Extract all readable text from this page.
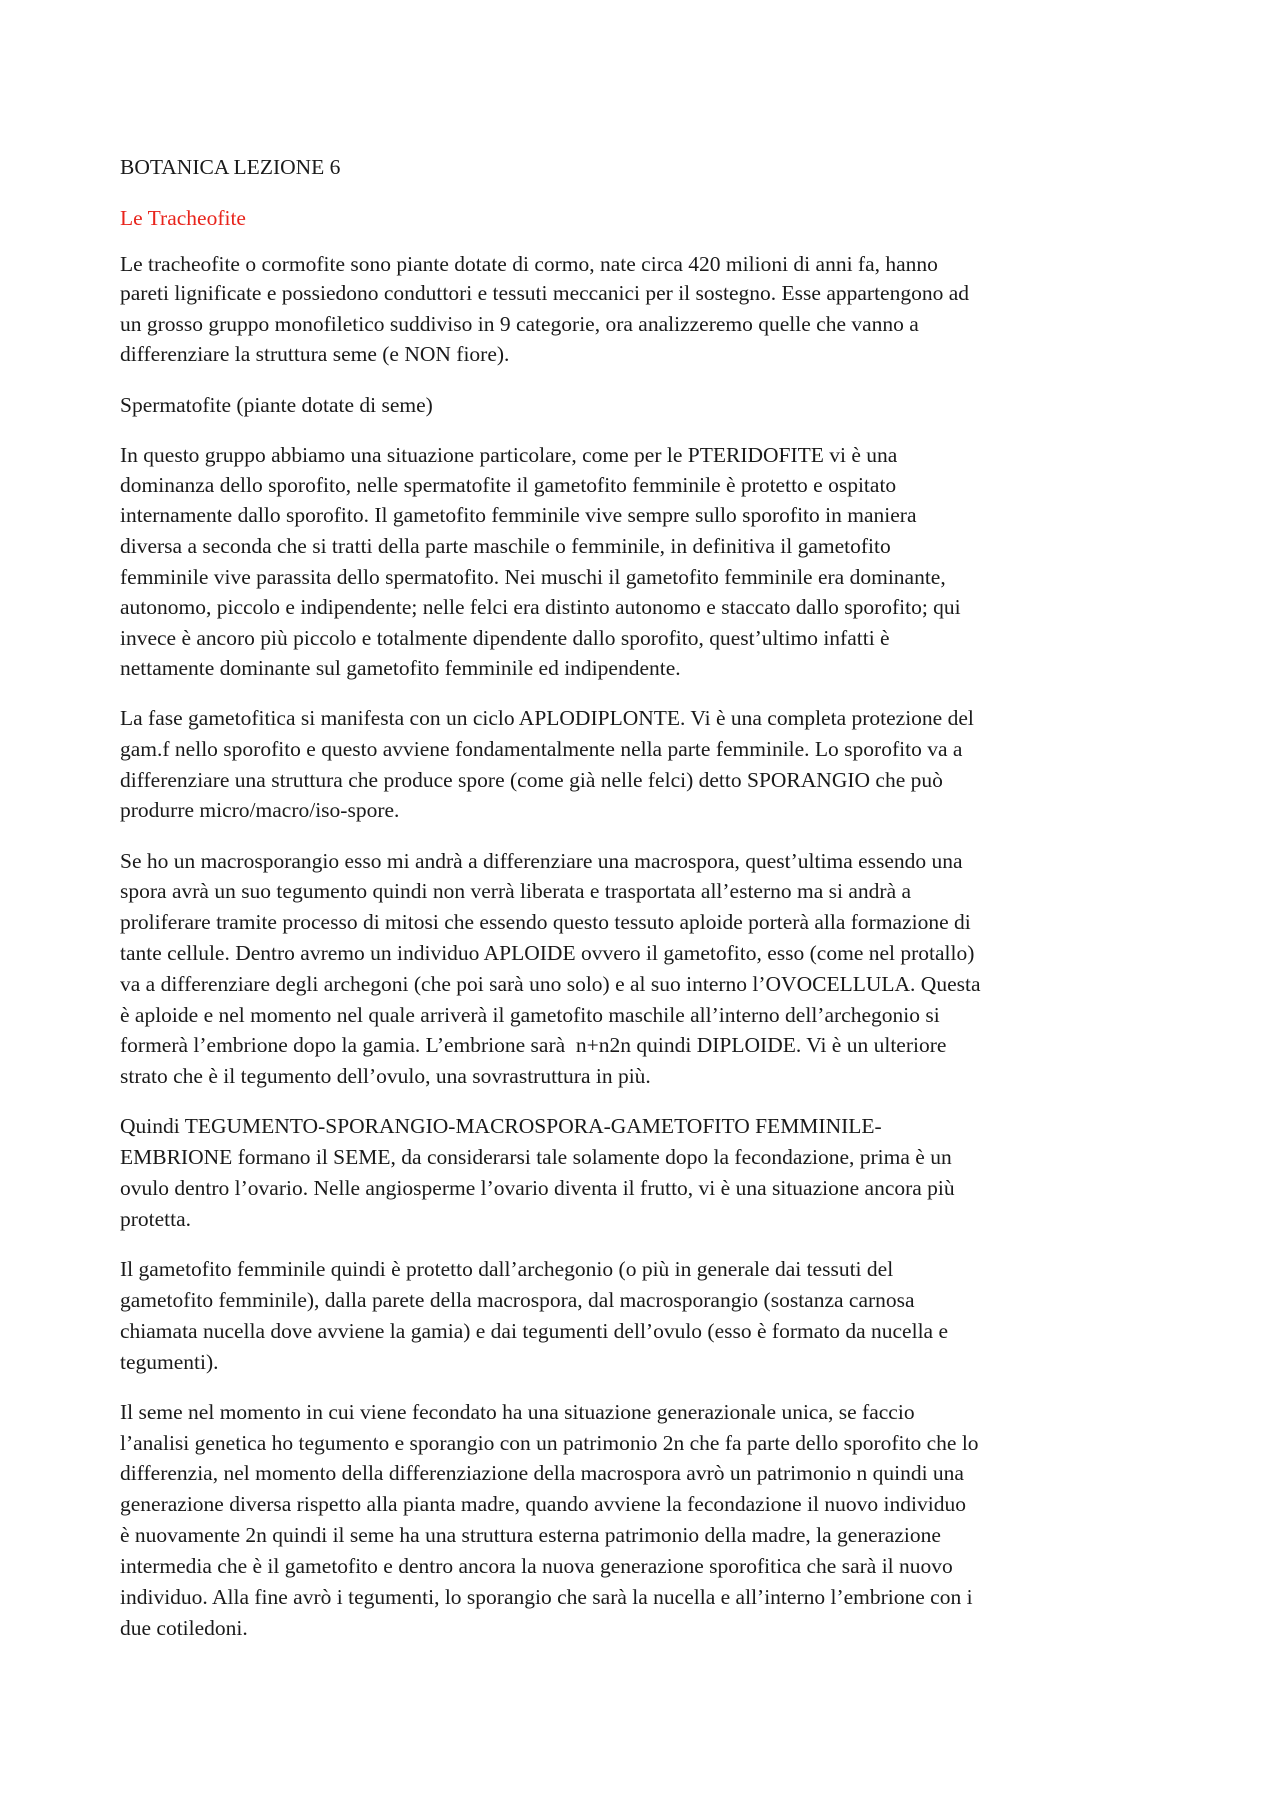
BOTANICA LEZIONE 6
Le Tracheofite
Le tracheofite o cormofite sono piante dotate di cormo, nate circa 420 milioni di anni fa, hanno
pareti lignificate e possiedono conduttori e tessuti meccanici per il sostegno. Esse appartengono ad
un grosso gruppo monofiletico suddiviso in 9 categorie, ora analizzeremo quelle che vanno a
differenziare la struttura seme (e NON fiore).
Spermatofite (piante dotate di seme)
In questo gruppo abbiamo una situazione particolare, come per le PTERIDOFITE vi è una
dominanza dello sporofito, nelle spermatofite il gametofito femminile è protetto e ospitato
internamente dallo sporofito. Il gametofito femminile vive sempre sullo sporofito in maniera
diversa a seconda che si tratti della parte maschile o femminile, in definitiva il gametofito
femminile vive parassita dello spermatofito. Nei muschi il gametofito femminile era dominante,
autonomo, piccolo e indipendente; nelle felci era distinto autonomo e staccato dallo sporofito; qui
invece è ancoro più piccolo e totalmente dipendente dallo sporofito, quest’ultimo infatti è
nettamente dominante sul gametofito femminile ed indipendente.
La fase gametofitica si manifesta con un ciclo APLODIPLONTE. Vi è una completa protezione del
gam.f nello sporofito e questo avviene fondamentalmente nella parte femminile. Lo sporofito va a
differenziare una struttura che produce spore (come già nelle felci) detto SPORANGIO che può
produrre micro/macro/iso-spore.
Se ho un macrosporangio esso mi andrà a differenziare una macrospora, quest’ultima essendo una
spora avrà un suo tegumento quindi non verrà liberata e trasportata all’esterno ma si andrà a
proliferare tramite processo di mitosi che essendo questo tessuto aploide porterà alla formazione di
tante cellule. Dentro avremo un individuo APLOIDE ovvero il gametofito, esso (come nel protallo)
va a differenziare degli archegoni (che poi sarà uno solo) e al suo interno l’OVOCELLULA. Questa
è aploide e nel momento nel quale arriverà il gametofito maschile all’interno dell’archegonio si
formerà l’embrione dopo la gamia. L’embrione sarà  n+n2n quindi DIPLOIDE. Vi è un ulteriore
strato che è il tegumento dell’ovulo, una sovrastruttura in più.
Quindi TEGUMENTO-SPORANGIO-MACROSPORA-GAMETOFITO FEMMINILE-
EMBRIONE formano il SEME, da considerarsi tale solamente dopo la fecondazione, prima è un
ovulo dentro l’ovario. Nelle angiosperme l’ovario diventa il frutto, vi è una situazione ancora più
protetta.
Il gametofito femminile quindi è protetto dall’archegonio (o più in generale dai tessuti del
gametofito femminile), dalla parete della macrospora, dal macrosporangio (sostanza carnosa
chiamata nucella dove avviene la gamia) e dai tegumenti dell’ovulo (esso è formato da nucella e
tegumenti).
Il seme nel momento in cui viene fecondato ha una situazione generazionale unica, se faccio
l’analisi genetica ho tegumento e sporangio con un patrimonio 2n che fa parte dello sporofito che lo
differenzia, nel momento della differenziazione della macrospora avrò un patrimonio n quindi una
generazione diversa rispetto alla pianta madre, quando avviene la fecondazione il nuovo individuo
è nuovamente 2n quindi il seme ha una struttura esterna patrimonio della madre, la generazione
intermedia che è il gametofito e dentro ancora la nuova generazione sporofitica che sarà il nuovo
individuo. Alla fine avrò i tegumenti, lo sporangio che sarà la nucella e all’interno l’embrione con i
due cotiledoni.
